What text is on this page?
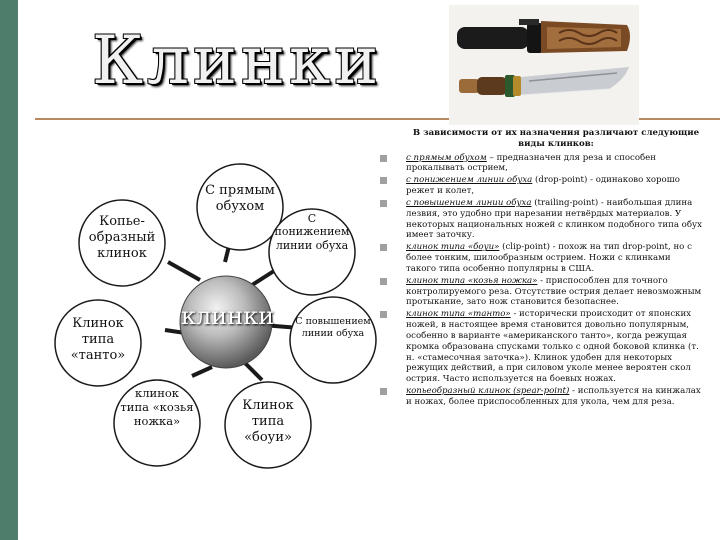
Клинки
клинки
С прямым обухом
С понижением линии обуха
С повышением линии обуха
Клинок типа «боуи»
клинок типа «козья ножка»
Клинок типа «танто»
Копье-образный клинок
В зависимости от их назначения различают следующие виды клинков:
с прямым обухом – предназначен для реза и способен прокалывать острием,
с понижением линии обуха (drop-point) - одинаково хорошо режет и колет,
с повышением линии обуха (trailing-point) - наибольшая длина лезвия, это удобно при нарезании нетвёрдых материалов. У некоторых национальных ножей с клинком подобного типа обух имеет заточку.
клинок типа «боуи» (clip-point) - похож на тип drop-point, но с более тонким, шилообразным острием. Ножи с клинками такого типа особенно популярны в США.
клинок типа «козья ножка» - приспособлен для точного контролируемого реза. Отсутствие острия делает невозможным протыкание, зато нож становится безопаснее.
клинок типа «танто» - исторически происходит от японских ножей, в настоящее время становится довольно популярным, особенно в варианте «американского танто», когда режущая кромка образована спусками только с одной боковой клинка (т. н. «стамесочная заточка»). Клинок удобен для некоторых режущих действий, а при силовом уколе менее вероятен скол острия. Часто используется на боевых ножах.
копьеобразный клинок (spear-point) - используется на кинжалах и ножах, более приспособленных для укола, чем для реза.
